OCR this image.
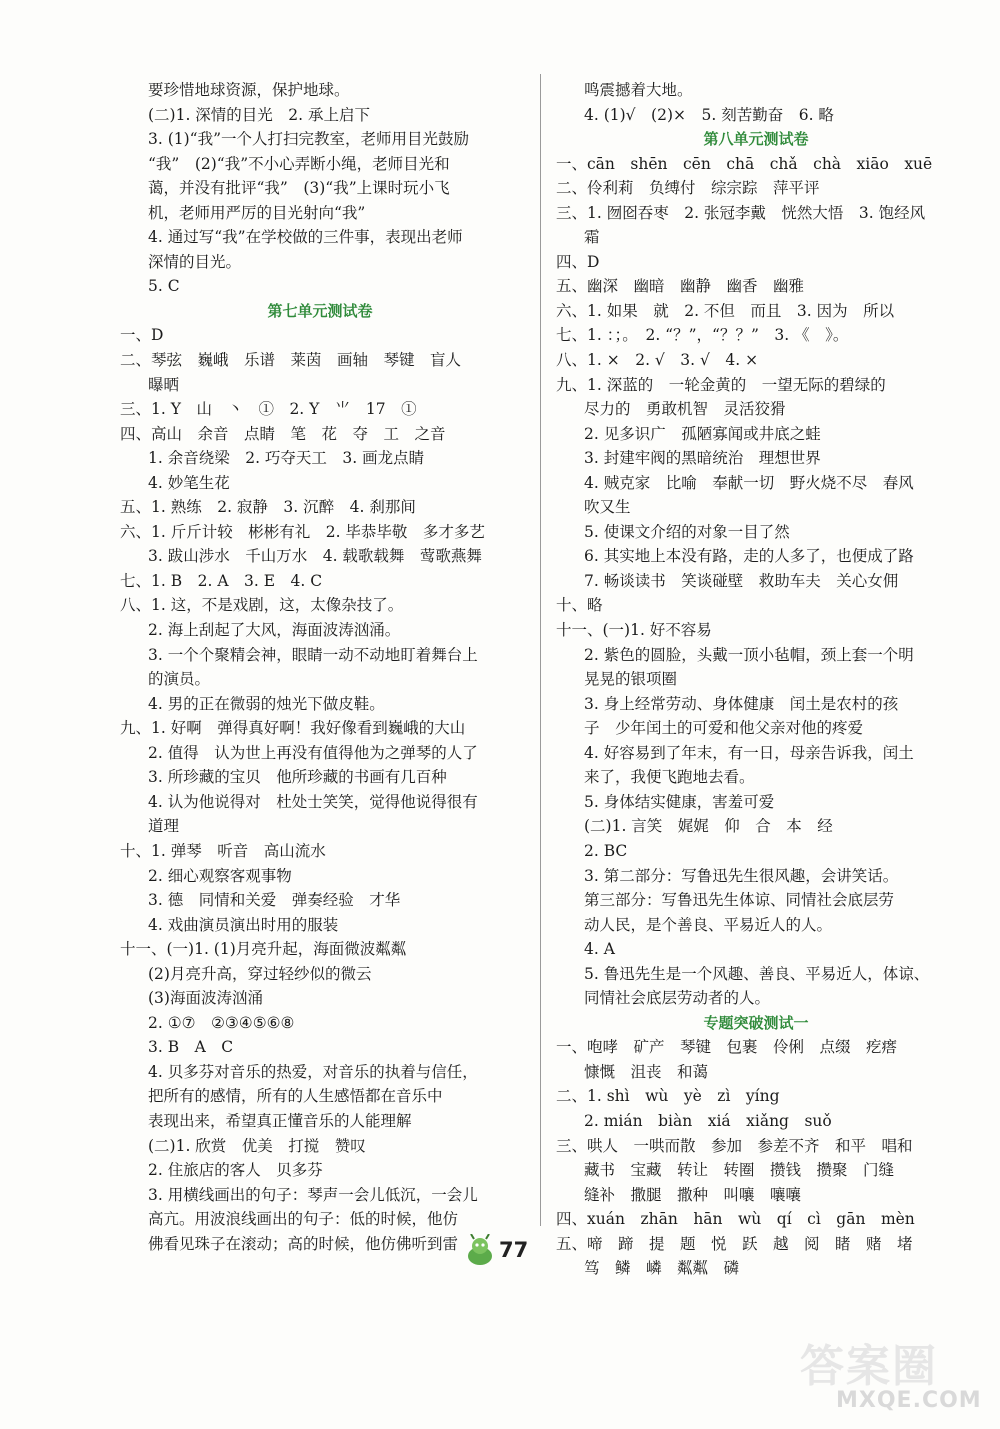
要珍惜地球资源，保护地球。
(二)1. 深情的目光　2. 承上启下
3. (1)“我”一个人打扫完教室，老师用目光鼓励
“我”　(2)“我”不小心弄断小绳，老师目光和
蔼，并没有批评“我”　(3)“我”上课时玩小飞
机，老师用严厉的目光射向“我”
4. 通过写“我”在学校做的三件事，表现出老师
深情的目光。
5. C
第七单元测试卷
一、D
二、琴弦　巍峨　乐谱　莱茵　画轴　琴键　盲人
曝晒
三、1. Y　山　丶　①　2. Y　⺌　17　①
四、高山　余音　点睛　笔　花　夺　工　之音
1. 余音绕梁　2. 巧夺天工　3. 画龙点睛
4. 妙笔生花
五、1. 熟练　2. 寂静　3. 沉醉　4. 刹那间
六、1. 斤斤计较　彬彬有礼　2. 毕恭毕敬　多才多艺
3. 跋山涉水　千山万水　4. 载歌载舞　莺歌燕舞
七、1. B　2. A　3. E　4. C
八、1. 这，不是戏剧，这，太像杂技了。
2. 海上刮起了大风，海面波涛汹涌。
3. 一个个聚精会神，眼睛一动不动地盯着舞台上
的演员。
4. 男的正在微弱的烛光下做皮鞋。
九、1. 好啊　弹得真好啊！我好像看到巍峨的大山
2. 值得　认为世上再没有值得他为之弹琴的人了
3. 所珍藏的宝贝　他所珍藏的书画有几百种
4. 认为他说得对　杜处士笑笑，觉得他说得很有
道理
十、1. 弹琴　听音　高山流水
2. 细心观察客观事物
3. 德　同情和关爱　弹奏经验　才华
4. 戏曲演员演出时用的服装
十一、(一)1. (1)月亮升起，海面微波粼粼
(2)月亮升高，穿过轻纱似的微云
(3)海面波涛汹涌
2. ①⑦　②③④⑤⑥⑧
3. B　A　C
4. 贝多芬对音乐的热爱，对音乐的执着与信任，
把所有的感情，所有的人生感悟都在音乐中
表现出来，希望真正懂音乐的人能理解
(二)1. 欣赏　优美　打搅　赞叹
2. 住旅店的客人　贝多芬
3. 用横线画出的句子：琴声一会儿低沉，一会儿
高亢。用波浪线画出的句子：低的时候，他仿
佛看见珠子在滚动；高的时候，他仿佛听到雷
鸣震撼着大地。
4. (1)√　(2)×　5. 刻苦勤奋　6. 略
第八单元测试卷
一、cān　shēn　cēn　chā　chǎ　chà　xiāo　xuē
二、伶利莉　负缚付　综宗踪　萍平评
三、1. 囫囵吞枣　2. 张冠李戴　恍然大悟　3. 饱经风
霜
四、D
五、幽深　幽暗　幽静　幽香　幽雅
六、1. 如果　就　2. 不但　而且　3. 因为　所以
七、1. ：；。　2. “？”，“？？”　3. 《　》。
八、1. ×　2. √　3. √　4. ×
九、1. 深蓝的　一轮金黄的　一望无际的碧绿的
尽力的　勇敢机智　灵活狡猾
2. 见多识广　孤陋寡闻或井底之蛙
3. 封建牢阀的黑暗统治　理想世界
4. 贼克家　比喻　奉献一切　野火烧不尽　春风
吹又生
5. 使课文介绍的对象一目了然
6. 其实地上本没有路，走的人多了，也便成了路
7. 畅谈读书　笑谈碰壁　救助车夫　关心女佣
十、略
十一、(一)1. 好不容易
2. 紫色的圆脸，头戴一顶小毡帽，颈上套一个明
晃晃的银项圈
3. 身上经常劳动、身体健康　闰土是农村的孩
子　少年闰土的可爱和他父亲对他的疼爱
4. 好容易到了年末，有一日，母亲告诉我，闰土
来了，我便飞跑地去看。
5. 身体结实健康，害羞可爱
(二)1. 言笑　娓娓　仰　合　本　经
2. BC
3. 第二部分：写鲁迅先生很风趣，会讲笑话。
第三部分：写鲁迅先生体谅、同情社会底层劳
动人民，是个善良、平易近人的人。
4. A
5. 鲁迅先生是一个风趣、善良、平易近人，体谅、
同情社会底层劳动者的人。
专题突破测试一
一、咆哮　矿产　琴键　包裹　伶俐　点缀　疙瘩
慷慨　沮丧　和蔼
二、1. shì　wù　yè　zì　yíng
2. mián　biàn　xiá　xiǎng　suǒ
三、哄人　一哄而散　参加　参差不齐　和平　唱和
藏书　宝藏　转让　转圈　攒钱　攒聚　门缝
缝补　撒腿　撒种　叫嚷　嚷嚷
四、xuán　zhān　hān　wù　qí　cì　gān　mèn
五、啼　蹄　提　题　悦　跃　越　阅　睹　赌　堵
笃　鳞　嶙　粼粼　磷
77
答案圈
MXQE.COM
